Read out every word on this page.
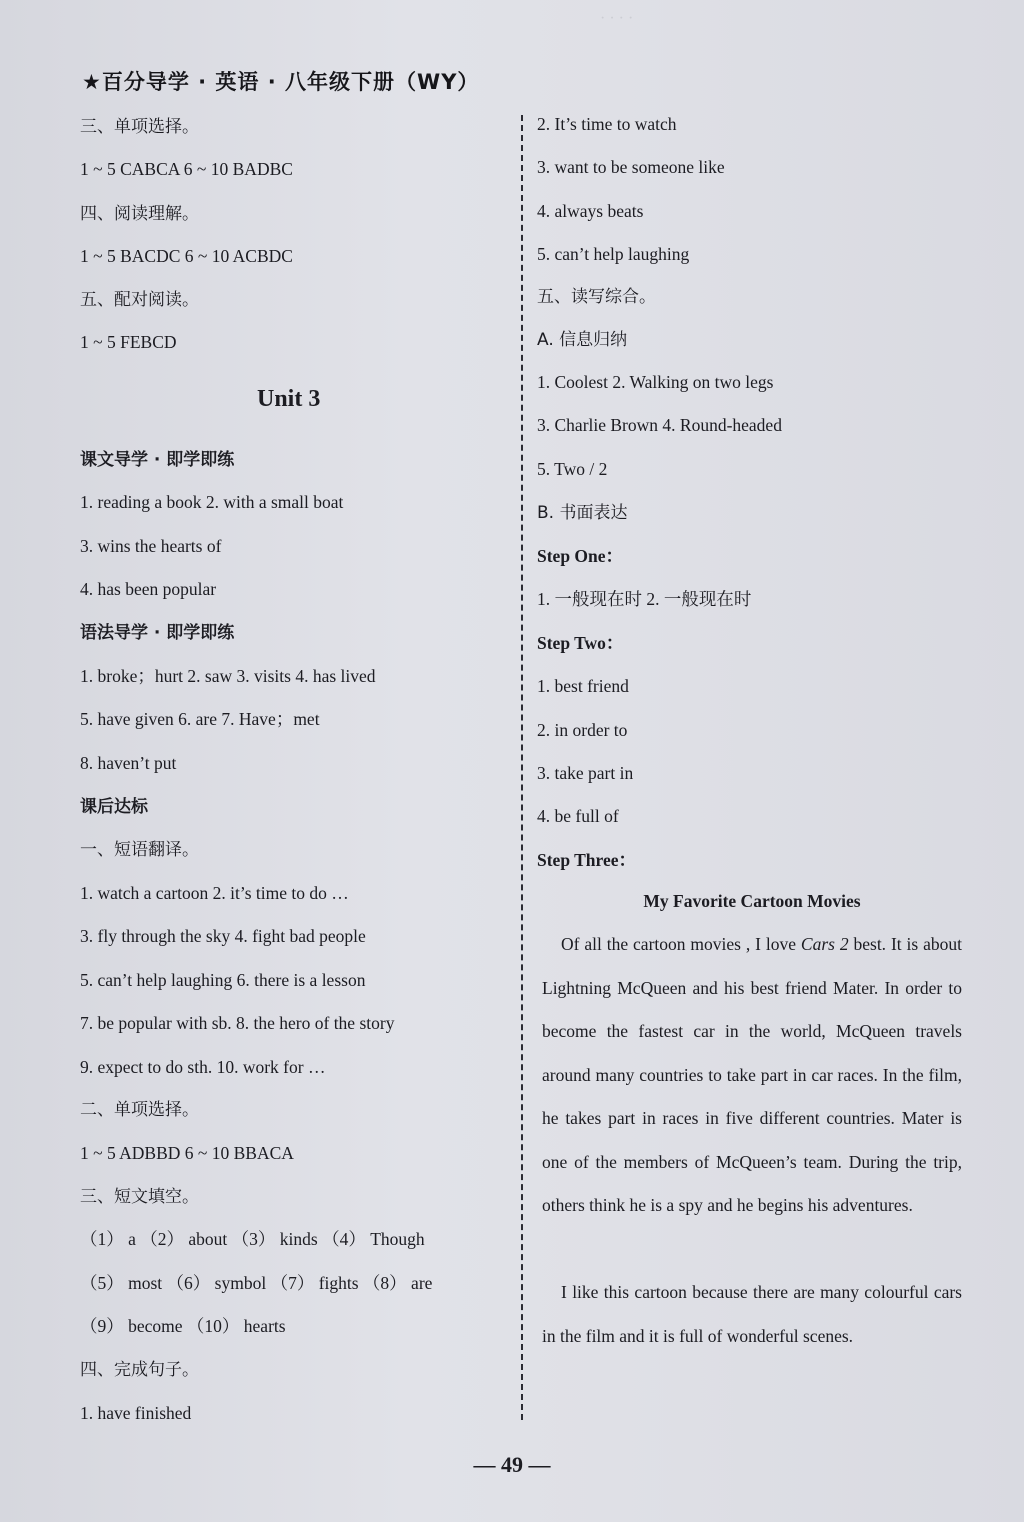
· · · ·
★百分导学 · 英语 · 八年级下册（WY）
三、单项选择。
1 ~ 5 CABCA 6 ~ 10 BADBC
四、阅读理解。
1 ~ 5 BACDC 6 ~ 10 ACBDC
五、配对阅读。
1 ~ 5 FEBCD
课文导学 · 即学即练
1. reading a book 2. with a small boat
3. wins the hearts of
4. has been popular
语法导学 · 即学即练
1. broke；hurt 2. saw 3. visits 4. has lived
5. have given 6. are 7. Have；met
8. haven’t put
课后达标
一、短语翻译。
1. watch a cartoon 2. it’s time to do …
3. fly through the sky 4. fight bad people
5. can’t help laughing 6. there is a lesson
7. be popular with sb. 8. the hero of the story
9. expect to do sth. 10. work for …
二、单项选择。
1 ~ 5 ADBBD 6 ~ 10 BBACA
三、短文填空。
（1） a （2） about （3） kinds （4） Though
（5） most （6） symbol （7） fights （8） are
（9） become （10） hearts
四、完成句子。
1. have finished
Unit 3
2. It’s time to watch
3. want to be someone like
4. always beats
5. can’t help laughing
五、读写综合。
A. 信息归纳
1. Coolest 2. Walking on two legs
3. Charlie Brown 4. Round-headed
5. Two / 2
B. 书面表达
Step One：
1. 一般现在时 2. 一般现在时
Step Two：
1. best friend
2. in order to
3. take part in
4. be full of
Step Three：
My Favorite Cartoon Movies
Of all the cartoon movies , I love Cars 2 best. It is about Lightning McQueen and his best friend Mater. In order to become the fastest car in the world, McQueen travels around many countries to take part in car races. In the film, he takes part in races in five different countries. Mater is one of the members of McQueen’s team. During the trip, others think he is a spy and he begins his adventures.
I like this cartoon because there are many colourful cars in the film and it is full of wonderful scenes.
— 49 —
